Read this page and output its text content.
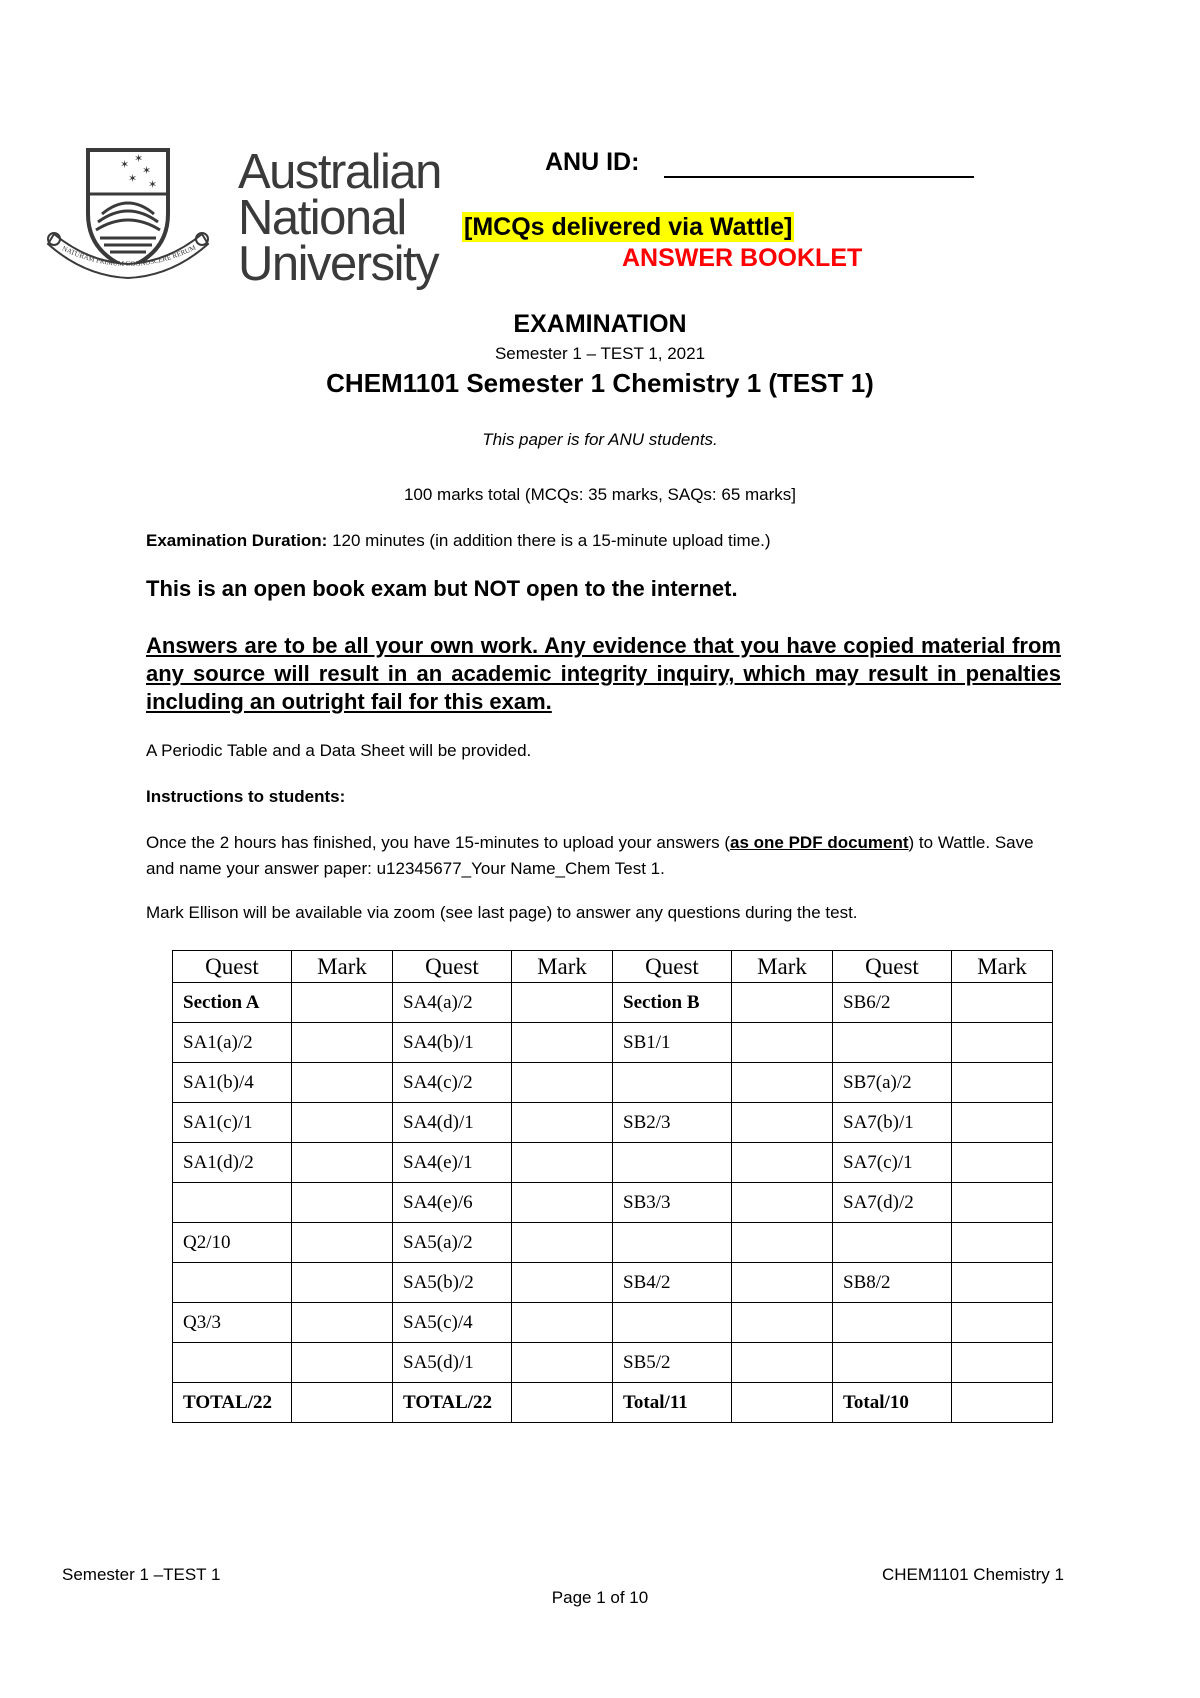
✶ ✶
✶
✶ ✶
NATURAM PRIMUM COGNOSCERE RERUM
Australian
National
University
ANU ID:
[MCQs delivered via Wattle]
ANSWER BOOKLET
EXAMINATION
Semester 1 – TEST 1, 2021
CHEM1101 Semester 1 Chemistry 1 (TEST 1)
This paper is for ANU students.
100 marks total (MCQs: 35 marks, SAQs: 65 marks]
Examination Duration: 120 minutes (in addition there is a 15-minute upload time.)
This is an open book exam but NOT open to the internet.
Answers are to be all your own work. Any evidence that you have copied material from any source will result in an academic integrity inquiry, which may result in penalties including an outright fail for this exam.
A Periodic Table and a Data Sheet will be provided.
Instructions to students:
Once the 2 hours has finished, you have 15-minutes to upload your answers (as one PDF document) to Wattle. Save and name your answer paper: u12345677_Your Name_Chem Test 1.
Mark Ellison will be available via zoom (see last page) to answer any questions during the test.
Quest	Mark	Quest	Mark	Quest	Mark	Quest	Mark
Section A		SA4(a)/2		Section B		SB6/2	
SA1(a)/2		SA4(b)/1		SB1/1			
SA1(b)/4		SA4(c)/2				SB7(a)/2	
SA1(c)/1		SA4(d)/1		SB2/3		SA7(b)/1	
SA1(d)/2		SA4(e)/1				SA7(c)/1	
		SA4(e)/6		SB3/3		SA7(d)/2	
Q2/10		SA5(a)/2					
		SA5(b)/2		SB4/2		SB8/2	
Q3/3		SA5(c)/4					
		SA5(d)/1		SB5/2			
TOTAL/22		TOTAL/22		Total/11		Total/10	
Semester 1 –TEST 1	CHEM1101 Chemistry 1
Page 1 of 10
